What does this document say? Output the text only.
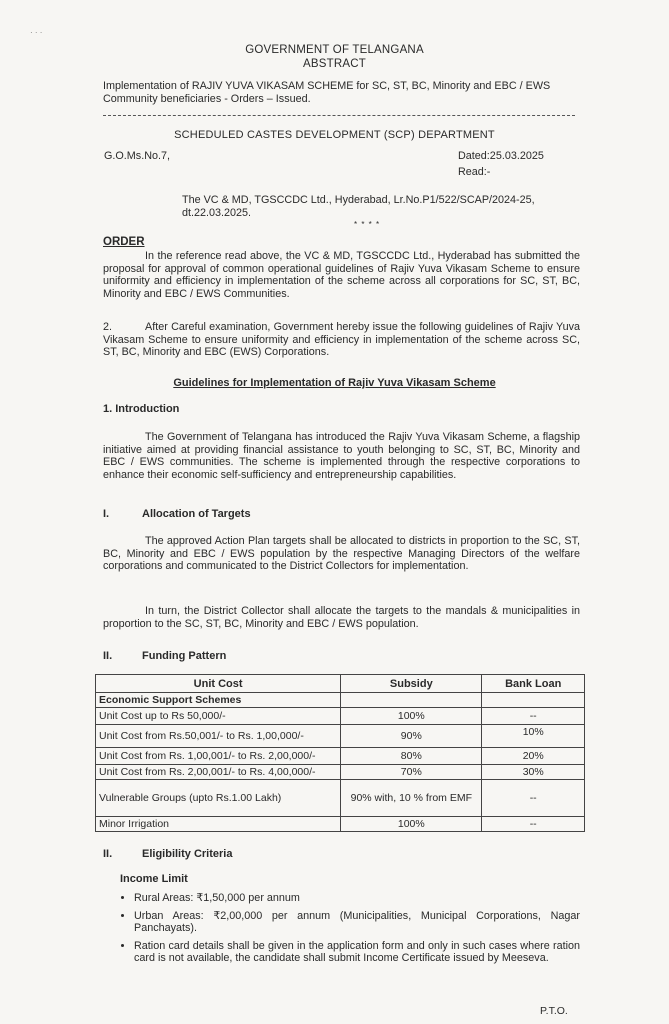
· · ·
GOVERNMENT OF TELANGANA
ABSTRACT
Implementation of RAJIV YUVA VIKASAM SCHEME for SC, ST, BC, Minority and EBC / EWS Community beneficiaries - Orders – Issued.
SCHEDULED CASTES DEVELOPMENT (SCP) DEPARTMENT
G.O.Ms.No.7,	Dated:25.03.2025
Read:-
The VC & MD, TGSCCDC Ltd., Hyderabad, Lr.No.P1/522/SCAP/2024-25, dt.22.03.2025.
* * * *
ORDER
In the reference read above, the VC & MD, TGSCCDC Ltd., Hyderabad has submitted the proposal for approval of common operational guidelines of Rajiv Yuva Vikasam Scheme to ensure uniformity and efficiency in implementation of the scheme across all corporations for SC, ST, BC, Minority and EBC / EWS Communities.
2.	After Careful examination, Government hereby issue the following guidelines of Rajiv Yuva Vikasam Scheme to ensure uniformity and efficiency in implementation of the scheme across SC, ST, BC, Minority and EBC (EWS) Corporations.
Guidelines for Implementation of Rajiv Yuva Vikasam Scheme
1. Introduction
The Government of Telangana has introduced the Rajiv Yuva Vikasam Scheme, a flagship initiative aimed at providing financial assistance to youth belonging to SC, ST, BC, Minority and EBC / EWS communities. The scheme is implemented through the respective corporations to enhance their economic self-sufficiency and entrepreneurship capabilities.
I.	Allocation of Targets
The approved Action Plan targets shall be allocated to districts in proportion to the SC, ST, BC, Minority and EBC / EWS population by the respective Managing Directors of the welfare corporations and communicated to the District Collectors for implementation.
In turn, the District Collector shall allocate the targets to the mandals & municipalities in proportion to the SC, ST, BC, Minority and EBC / EWS population.
II.	Funding Pattern
Unit Cost	Subsidy	Bank Loan
Economic Support Schemes		
Unit Cost up to Rs 50,000/-	100%	--
Unit Cost from Rs.50,001/- to Rs. 1,00,000/-	90%	10%
Unit Cost from Rs. 1,00,001/- to Rs. 2,00,000/-	80%	20%
Unit Cost from Rs. 2,00,001/- to Rs. 4,00,000/-	70%	30%
Vulnerable Groups (upto Rs.1.00 Lakh)	90% with, 10 % from EMF	--
Minor Irrigation	100%	--
II.	Eligibility Criteria
Income Limit
• Rural Areas: ₹1,50,000 per annum
• Urban Areas: ₹2,00,000 per annum (Municipalities, Municipal Corporations, Nagar Panchayats).
• Ration card details shall be given in the application form and only in such cases where ration card is not available, the candidate shall submit Income Certificate issued by Meeseva.
P.T.O.
